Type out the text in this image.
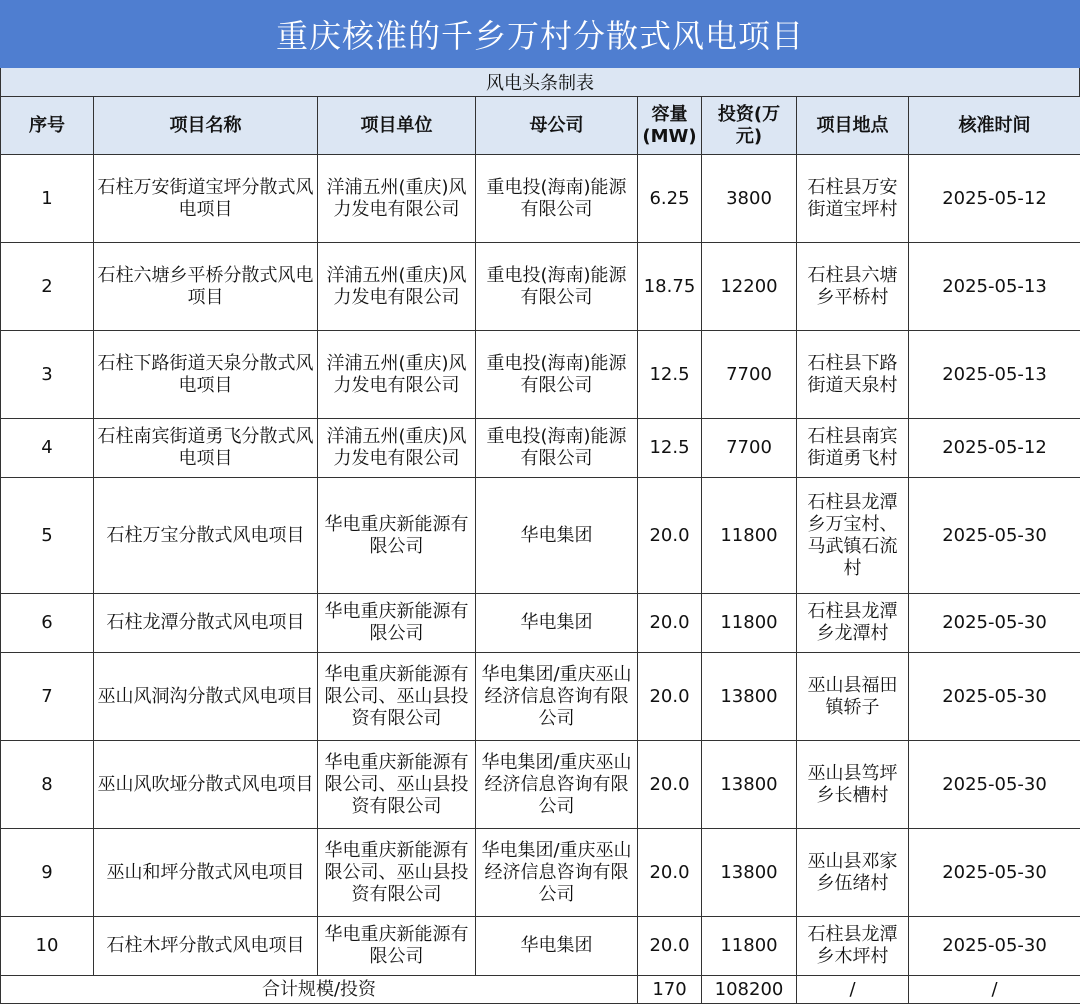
重庆核准的千乡万村分散式风电项目
风电头条制表
序号	项目名称	项目单位	母公司	容量(MW)	投资(万元)	项目地点	核准时间
1	石柱万安街道宝坪分散式风电项目	洋浦五州(重庆)风力发电有限公司	重电投(海南)能源有限公司	6.25	3800	石柱县万安街道宝坪村	2025-05-12
2	石柱六塘乡平桥分散式风电项目	洋浦五州(重庆)风力发电有限公司	重电投(海南)能源有限公司	18.75	12200	石柱县六塘乡平桥村	2025-05-13
3	石柱下路街道天泉分散式风电项目	洋浦五州(重庆)风力发电有限公司	重电投(海南)能源有限公司	12.5	7700	石柱县下路街道天泉村	2025-05-13
4	石柱南宾街道勇飞分散式风电项目	洋浦五州(重庆)风力发电有限公司	重电投(海南)能源有限公司	12.5	7700	石柱县南宾街道勇飞村	2025-05-12
5	石柱万宝分散式风电项目	华电重庆新能源有限公司	华电集团	20.0	11800	石柱县龙潭乡万宝村、马武镇石流村	2025-05-30
6	石柱龙潭分散式风电项目	华电重庆新能源有限公司	华电集团	20.0	11800	石柱县龙潭乡龙潭村	2025-05-30
7	巫山风洞沟分散式风电项目	华电重庆新能源有限公司、巫山县投资有限公司	华电集团/重庆巫山经济信息咨询有限公司	20.0	13800	巫山县福田镇轿子	2025-05-30
8	巫山风吹垭分散式风电项目	华电重庆新能源有限公司、巫山县投资有限公司	华电集团/重庆巫山经济信息咨询有限公司	20.0	13800	巫山县笃坪乡长槽村	2025-05-30
9	巫山和坪分散式风电项目	华电重庆新能源有限公司、巫山县投资有限公司	华电集团/重庆巫山经济信息咨询有限公司	20.0	13800	巫山县邓家乡伍绪村	2025-05-30
10	石柱木坪分散式风电项目	华电重庆新能源有限公司	华电集团	20.0	11800	石柱县龙潭乡木坪村	2025-05-30
合计规模/投资				170	108200	/	/
